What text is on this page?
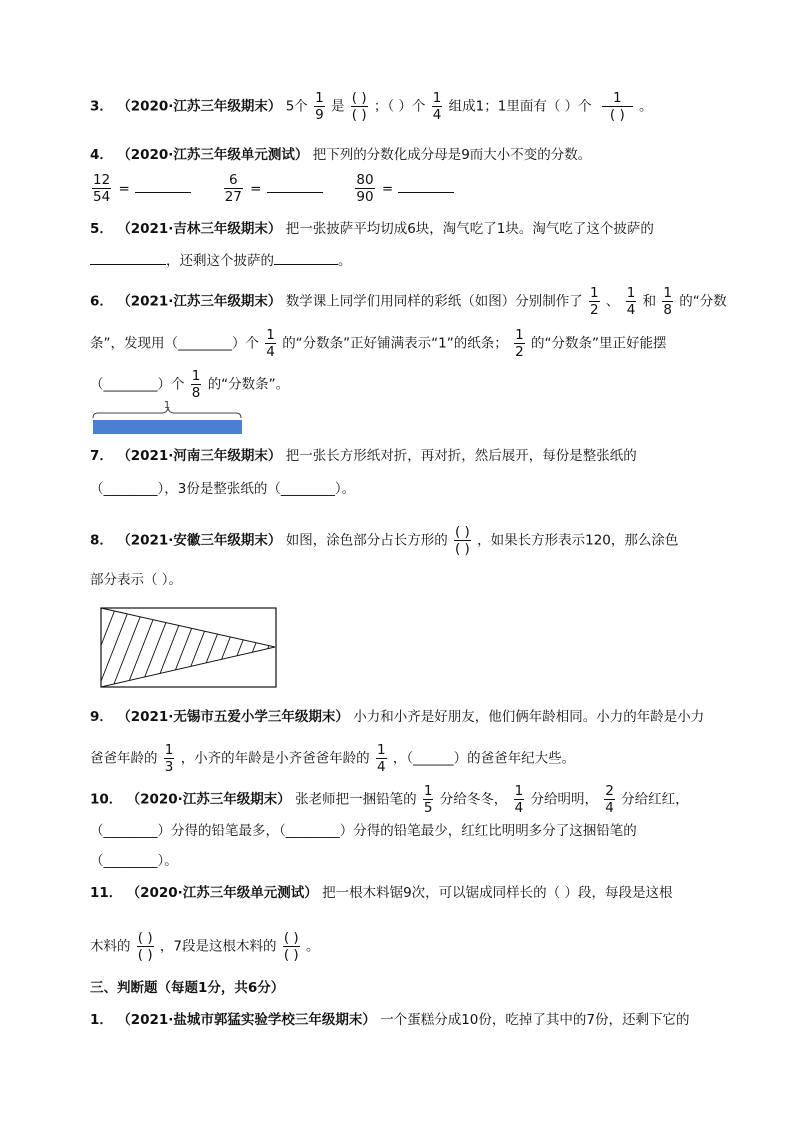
3． （2020·江苏三年级期末） 5个 $\frac{1}{9}$ 是
( )
( )
；（ ）个 $\frac{1}{4}$ 组成1；1里面有（ ）个
1
( )
。
4． （2020·江苏三年级单元测试） 把下列的分数化成分母是9而大小不变的分数。
$\frac{12}{54}$ =	$\frac{6}{27}$ =	$\frac{80}{90}$ =
5． （2021·吉林三年级期末） 把一张披萨平均切成6块，淘气吃了1块。淘气吃了这个披萨的
，还剩这个披萨的	。
6． （2021·江苏三年级期末） 数学课上同学们用同样的彩纸（如图）分别制作了 $\frac{1}{2}$ 、 $\frac{1}{4}$ 和 $\frac{1}{8}$ 的“分数
条”，发现用（________）个 $\frac{1}{4}$ 的“分数条”正好铺满表示“1”的纸条； $\frac{1}{2}$ 的“分数条”里正好能摆
（________）个 $\frac{1}{8}$ 的“分数条”。
1
7． （2021·河南三年级期末） 把一张长方形纸对折，再对折，然后展开，每份是整张纸的
（________），3份是整张纸的（________）。
8． （2021·安徽三年级期末） 如图，涂色部分占长方形的
( )
( )
，如果长方形表示120，那么涂色
部分表示（ ）。
9． （2021·无锡市五爱小学三年级期末） 小力和小齐是好朋友，他们俩年龄相同。小力的年龄是小力
爸爸年龄的 $\frac{1}{3}$ ，小齐的年龄是小齐爸爸年龄的 $\frac{1}{4}$ ，（______）的爸爸年纪大些。
10． （2020·江苏三年级期末） 张老师把一捆铅笔的 $\frac{1}{5}$ 分给冬冬， $\frac{1}{4}$ 分给明明， $\frac{2}{4}$ 分给红红，
（________）分得的铅笔最多，（________）分得的铅笔最少，红红比明明多分了这捆铅笔的
（________）。
11． （2020·江苏三年级单元测试） 把一根木料锯9次，可以锯成同样长的（ ）段，每段是这根
木料的
( )
( )
，7段是这根木料的
( )
( )
。
三、判断题（每题1分，共6分）
1． （2021·盐城市郭猛实验学校三年级期末） 一个蛋糕分成10份，吃掉了其中的7份，还剩下它的
